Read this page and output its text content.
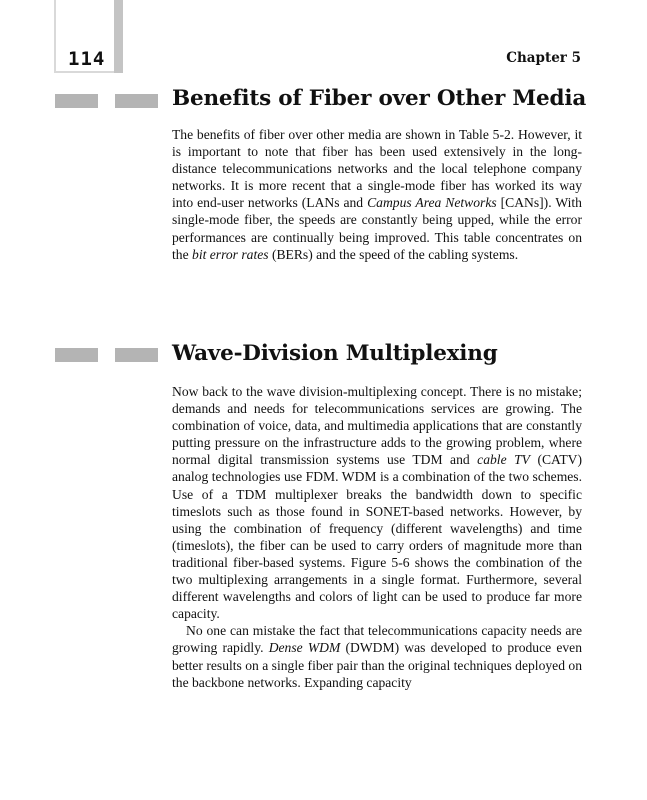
114	Chapter 5
Benefits of Fiber over Other Media

The benefits of fiber over other media are shown in Table 5-2. However, it is important to note that fiber has been used extensively in the long-distance telecommunications networks and the local telephone company networks. It is more recent that a single-mode fiber has worked its way into end-user networks (LANs and Campus Area Networks [CANs]). With single-mode fiber, the speeds are constantly being upped, while the error performances are continually being improved. This table concentrates on the bit error rates (BERs) and the speed of the cabling systems.

Wave-Division Multiplexing

Now back to the wave division-multiplexing concept. There is no mistake; demands and needs for telecommunications services are growing. The combination of voice, data, and multimedia applications that are constantly putting pressure on the infrastructure adds to the growing problem, where normal digital transmission systems use TDM and cable TV (CATV) analog technologies use FDM. WDM is a combination of the two schemes. Use of a TDM multiplexer breaks the bandwidth down to specific timeslots such as those found in SONET-based networks. However, by using the combination of frequency (different wavelengths) and time (timeslots), the fiber can be used to carry orders of magnitude more than traditional fiber-based systems. Figure 5-6 shows the combination of the two multiplexing arrangements in a single format. Furthermore, several different wavelengths and colors of light can be used to produce far more capacity.

No one can mistake the fact that telecommunications capacity needs are growing rapidly. Dense WDM (DWDM) was developed to produce even better results on a single fiber pair than the original techniques deployed on the backbone networks. Expanding capacity
